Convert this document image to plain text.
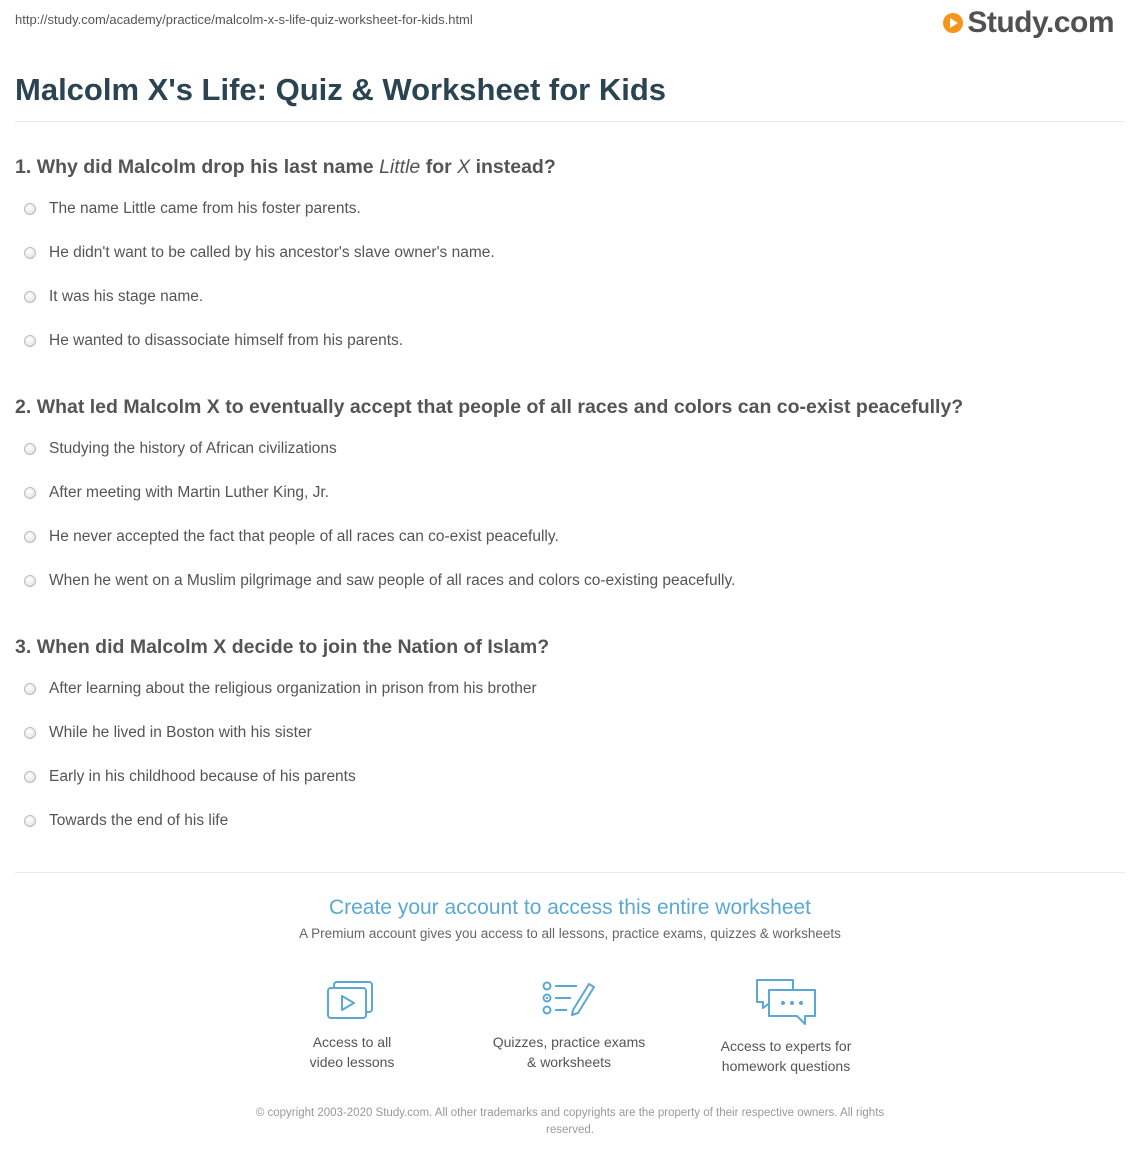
http://study.com/academy/practice/malcolm-x-s-life-quiz-worksheet-for-kids.html	Study.com
Malcolm X's Life: Quiz & Worksheet for Kids
1. Why did Malcolm drop his last name Little for X instead?
The name Little came from his foster parents.
He didn't want to be called by his ancestor's slave owner's name.
It was his stage name.
He wanted to disassociate himself from his parents.
2. What led Malcolm X to eventually accept that people of all races and colors can co-exist peacefully?
Studying the history of African civilizations
After meeting with Martin Luther King, Jr.
He never accepted the fact that people of all races can co-exist peacefully.
When he went on a Muslim pilgrimage and saw people of all races and colors co-existing peacefully.
3. When did Malcolm X decide to join the Nation of Islam?
After learning about the religious organization in prison from his brother
While he lived in Boston with his sister
Early in his childhood because of his parents
Towards the end of his life
Create your account to access this entire worksheet
A Premium account gives you access to all lessons, practice exams, quizzes & worksheets
Access to all
video lessons
Quizzes, practice exams
& worksheets
Access to experts for
homework questions
© copyright 2003-2020 Study.com. All other trademarks and copyrights are the property of their respective owners. All rights
reserved.
